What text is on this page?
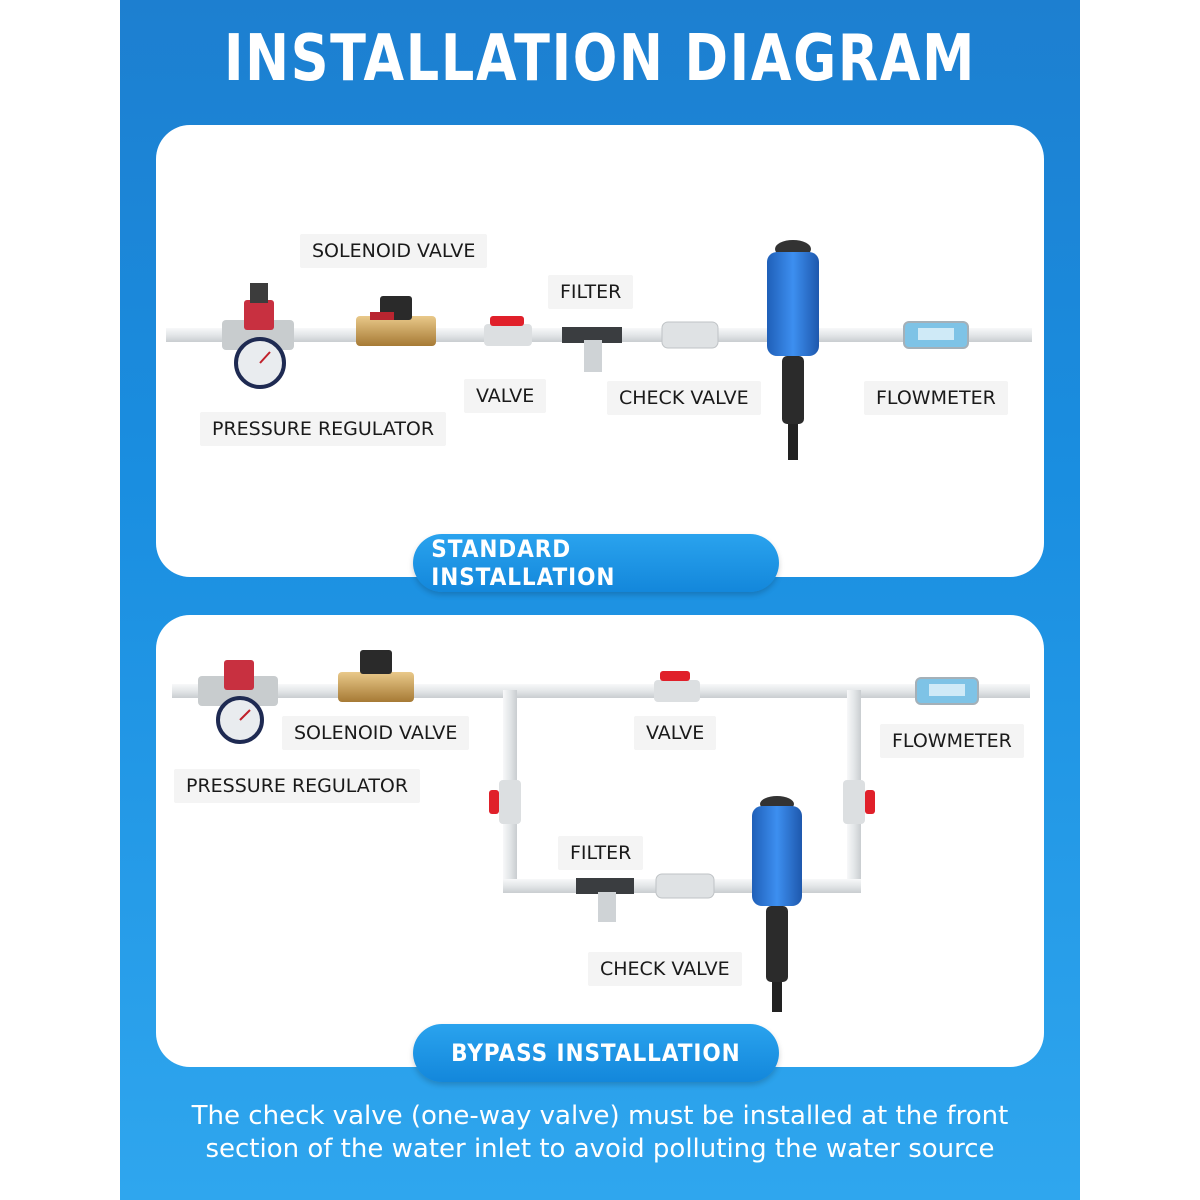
INSTALLATION DIAGRAM
SOLENOID VALVE
FILTER
VALVE	CHECK VALVE	FLOWMETER
PRESSURE REGULATOR
SOLENOID VALVE	VALVE	FLOWMETER
PRESSURE REGULATOR
FILTER
CHECK VALVE
STANDARD INSTALLATION
BYPASS INSTALLATION
The check valve (one-way valve) must be installed at the front
section of the water inlet to avoid polluting the water source
